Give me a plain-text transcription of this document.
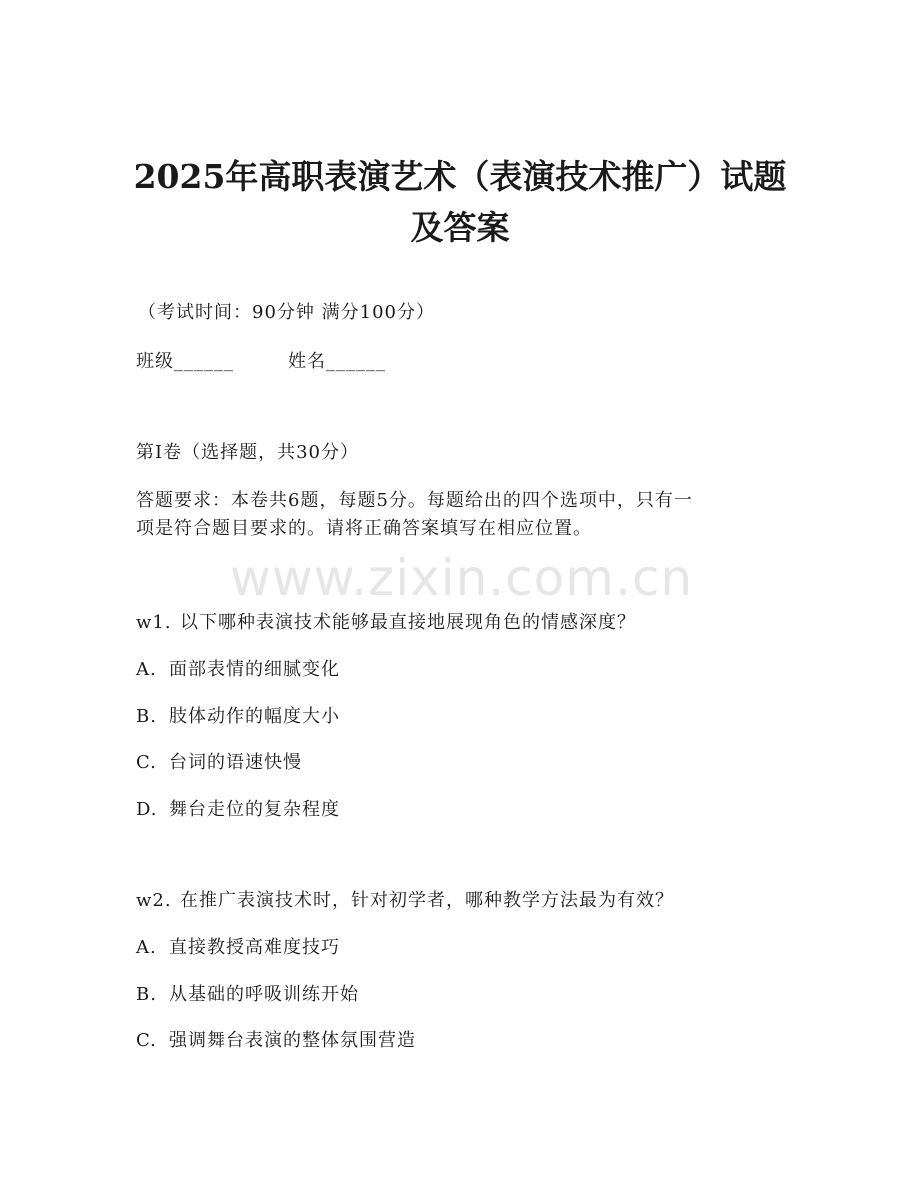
2025年高职表演艺术（表演技术推广）试题
及答案
（考试时间：90分钟 满分100分）
班级______	姓名______
第I卷（选择题，共30分）
答题要求：本卷共6题，每题5分。每题给出的四个选项中，只有一
项是符合题目要求的。请将正确答案填写在相应位置。
www.zixin.com.cn
w1. 以下哪种表演技术能够最直接地展现角色的情感深度？
A. 面部表情的细腻变化
B. 肢体动作的幅度大小
C. 台词的语速快慢
D. 舞台走位的复杂程度
w2. 在推广表演技术时，针对初学者，哪种教学方法最为有效？
A. 直接教授高难度技巧
B. 从基础的呼吸训练开始
C. 强调舞台表演的整体氛围营造
